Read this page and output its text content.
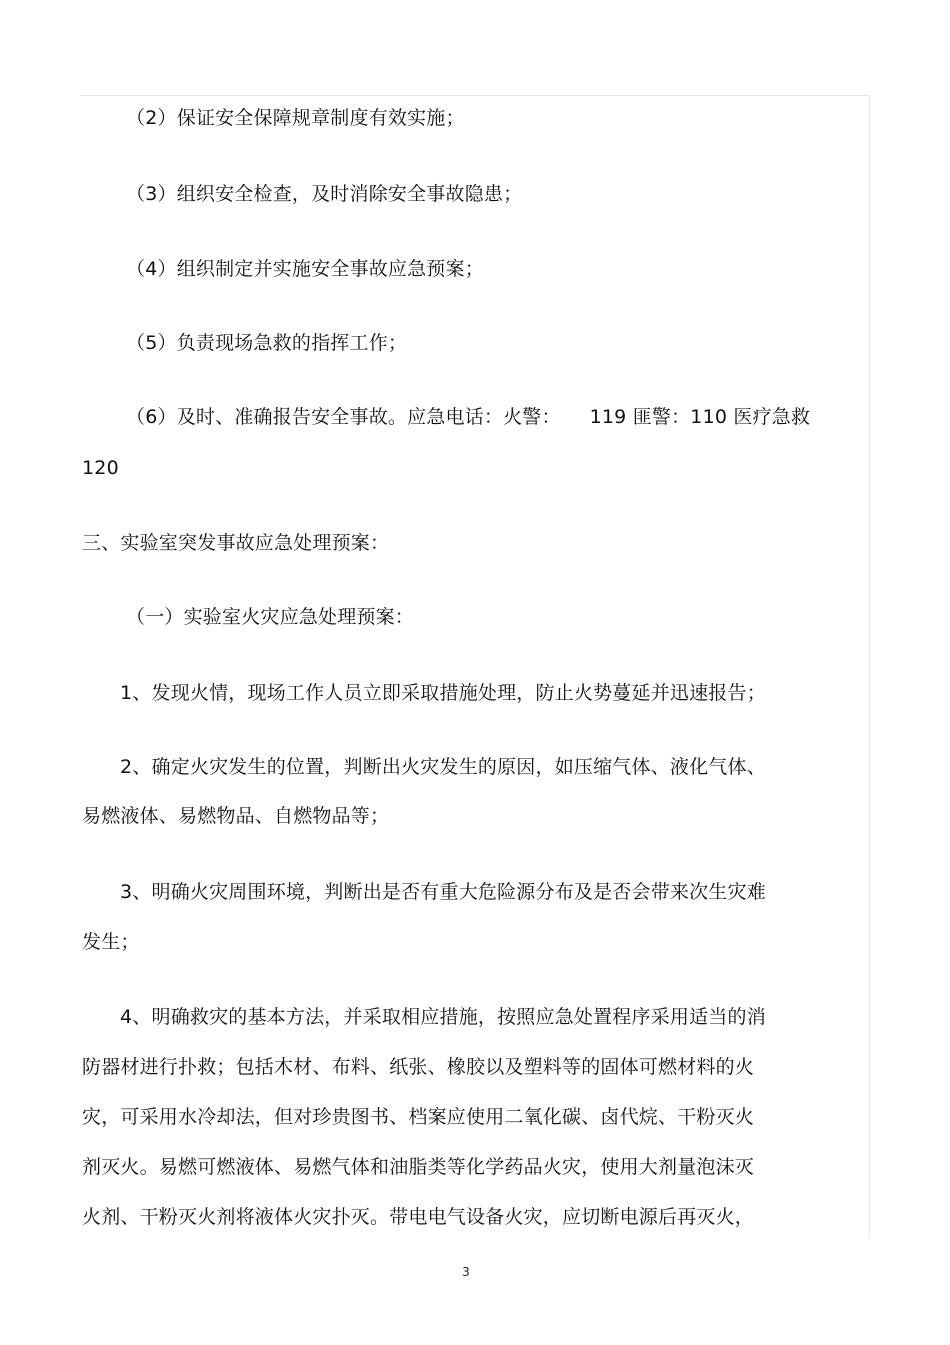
（2）保证安全保障规章制度有效实施；
（3）组织安全检查，及时消除安全事故隐患；
（4）组织制定并实施安全事故应急预案；
（5）负责现场急救的指挥工作；
（6）及时、准确报告安全事故。应急电话：火警：　　119 匪警：110 医疗急救
120
三、实验室突发事故应急处理预案：
（一）实验室火灾应急处理预案：
1、发现火情，现场工作人员立即采取措施处理，防止火势蔓延并迅速报告；
2、确定火灾发生的位置，判断出火灾发生的原因，如压缩气体、液化气体、
易燃液体、易燃物品、自燃物品等；
3、明确火灾周围环境，判断出是否有重大危险源分布及是否会带来次生灾难
发生；
4、明确救灾的基本方法，并采取相应措施，按照应急处置程序采用适当的消
防器材进行扑救；包括木材、布料、纸张、橡胶以及塑料等的固体可燃材料的火
灾，可采用水冷却法，但对珍贵图书、档案应使用二氧化碳、卤代烷、干粉灭火
剂灭火。易燃可燃液体、易燃气体和油脂类等化学药品火灾，使用大剂量泡沫灭
火剂、干粉灭火剂将液体火灾扑灭。带电电气设备火灾，应切断电源后再灭火，
3
